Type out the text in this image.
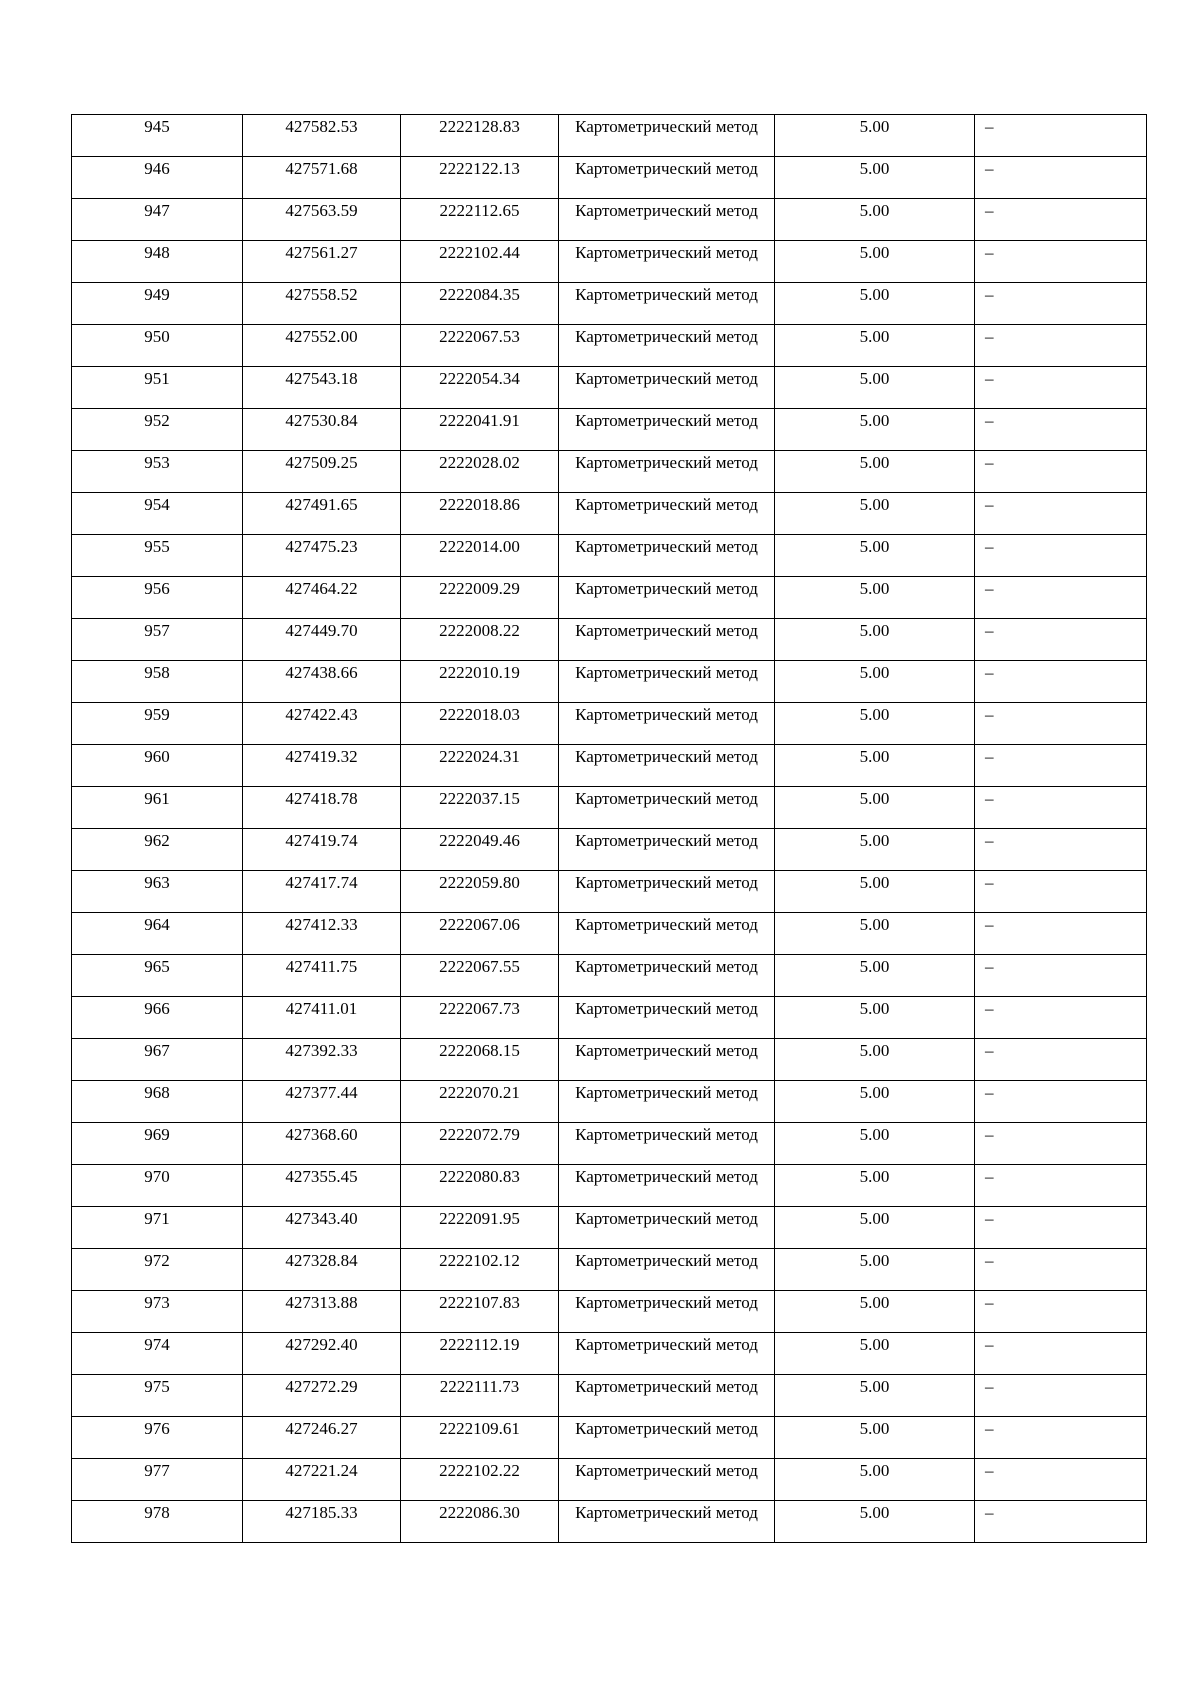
945	427582.53	2222128.83	Картометрический метод	5.00	–

946	427571.68	2222122.13	Картометрический метод	5.00	–

947	427563.59	2222112.65	Картометрический метод	5.00	–

948	427561.27	2222102.44	Картометрический метод	5.00	–

949	427558.52	2222084.35	Картометрический метод	5.00	–

950	427552.00	2222067.53	Картометрический метод	5.00	–

951	427543.18	2222054.34	Картометрический метод	5.00	–

952	427530.84	2222041.91	Картометрический метод	5.00	–

953	427509.25	2222028.02	Картометрический метод	5.00	–

954	427491.65	2222018.86	Картометрический метод	5.00	–

955	427475.23	2222014.00	Картометрический метод	5.00	–

956	427464.22	2222009.29	Картометрический метод	5.00	–

957	427449.70	2222008.22	Картометрический метод	5.00	–

958	427438.66	2222010.19	Картометрический метод	5.00	–

959	427422.43	2222018.03	Картометрический метод	5.00	–

960	427419.32	2222024.31	Картометрический метод	5.00	–

961	427418.78	2222037.15	Картометрический метод	5.00	–

962	427419.74	2222049.46	Картометрический метод	5.00	–

963	427417.74	2222059.80	Картометрический метод	5.00	–

964	427412.33	2222067.06	Картометрический метод	5.00	–

965	427411.75	2222067.55	Картометрический метод	5.00	–

966	427411.01	2222067.73	Картометрический метод	5.00	–

967	427392.33	2222068.15	Картометрический метод	5.00	–

968	427377.44	2222070.21	Картометрический метод	5.00	–

969	427368.60	2222072.79	Картометрический метод	5.00	–

970	427355.45	2222080.83	Картометрический метод	5.00	–

971	427343.40	2222091.95	Картометрический метод	5.00	–

972	427328.84	2222102.12	Картометрический метод	5.00	–

973	427313.88	2222107.83	Картометрический метод	5.00	–

974	427292.40	2222112.19	Картометрический метод	5.00	–

975	427272.29	2222111.73	Картометрический метод	5.00	–

976	427246.27	2222109.61	Картометрический метод	5.00	–

977	427221.24	2222102.22	Картометрический метод	5.00	–

978	427185.33	2222086.30	Картометрический метод	5.00	–
